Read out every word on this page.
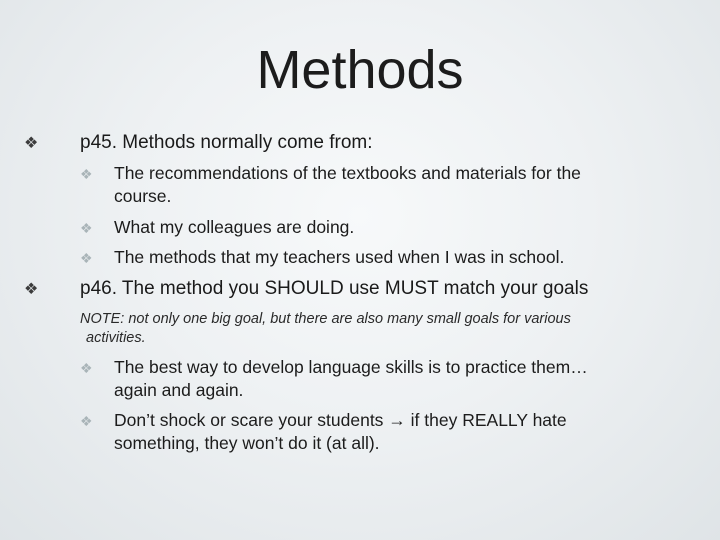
Methods
❖ p45. Methods normally come from:
❖ The recommendations of the textbooks and materials for the
course.
❖ What my colleagues are doing.
❖ The methods that my teachers used when I was in school.
❖ p46. The method you SHOULD use MUST match your goals
NOTE: not only one big goal, but there are also many small goals for various
activities.
❖ The best way to develop language skills is to practice them…
again and again.
❖ Don’t shock or scare your students → if they REALLY hate
something, they won’t do it (at all).
